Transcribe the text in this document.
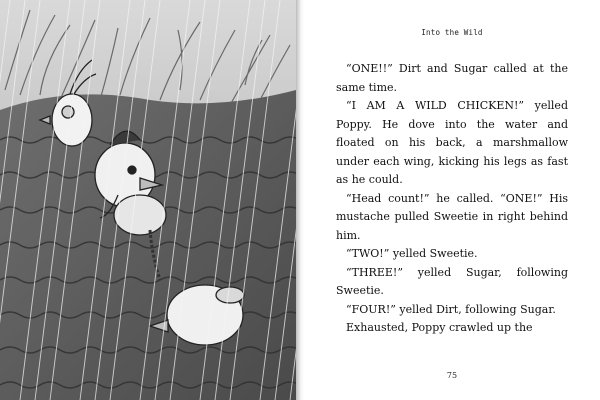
Into the Wild

“ONE!!” Dirt and Sugar called at the same time.

“I AM A WILD CHICKEN!” yelled Poppy. He dove into the water and floated on his back, a marshmallow under each wing, kicking his legs as fast as he could.

“Head count!” he called. “ONE!” His mustache pulled Sweetie in right behind him.

“TWO!” yelled Sweetie.

“THREE!” yelled Sugar, following Sweetie.

“FOUR!” yelled Dirt, following Sugar.

Exhausted, Poppy crawled up the

75
